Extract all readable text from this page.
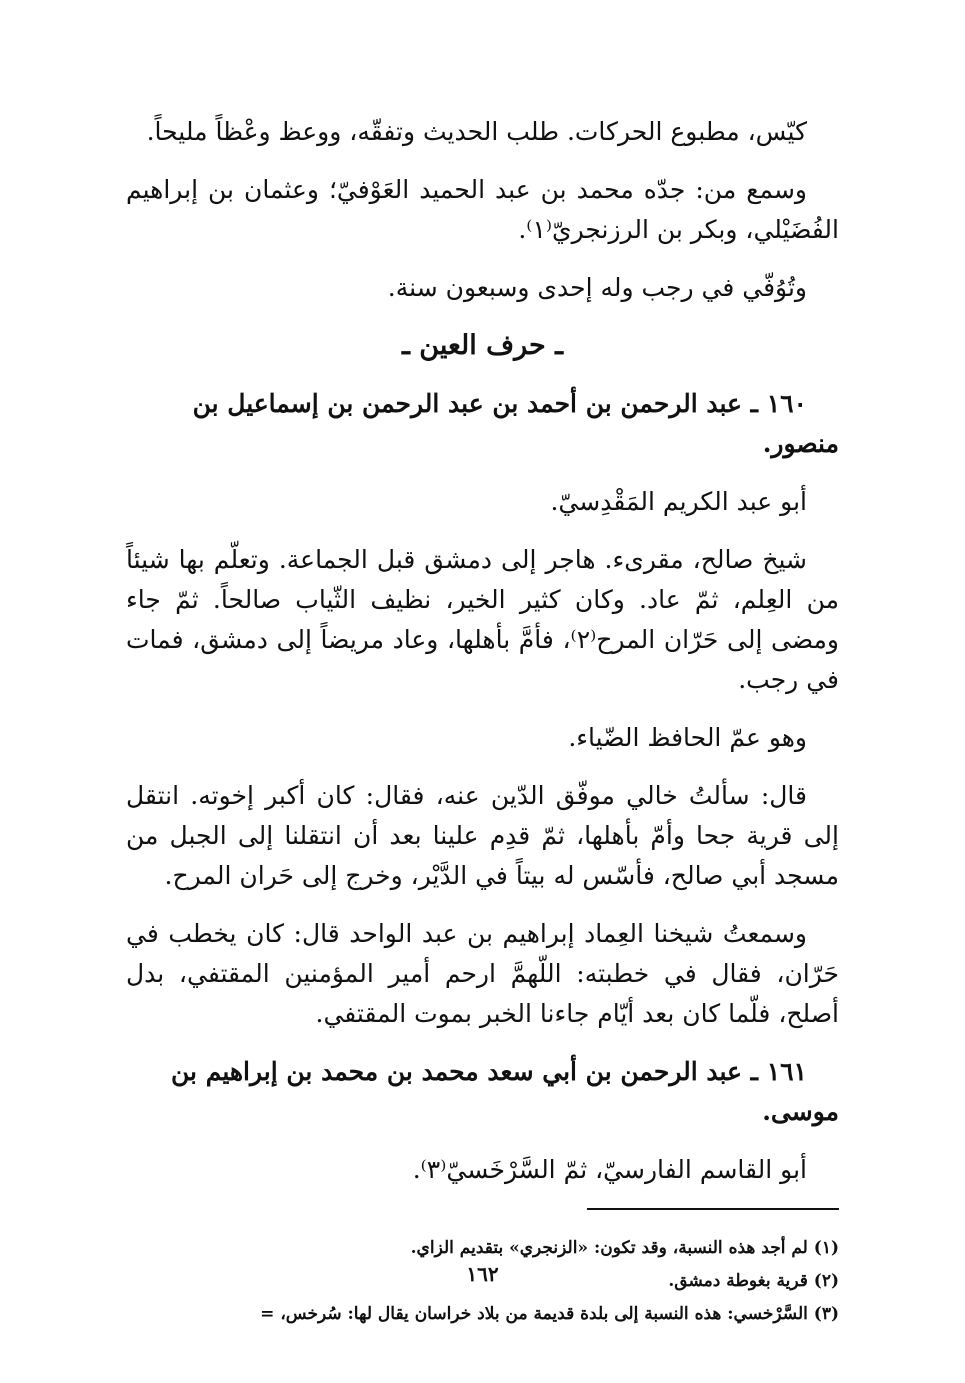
كيّس، مطبوع الحركات. طلب الحديث وتفقّه، ووعظ وعْظاً مليحاً.

وسمع من: جدّه محمد بن عبد الحميد العَوْفيّ؛ وعثمان بن إبراهيم الفُضَيْلي، وبكر بن الرزنجريّ⁽١⁾.

وتُوُفّي في رجب وله إحدى وسبعون سنة.

ـ حرف العين ـ

١٦٠ ـ عبد الرحمن بن أحمد بن عبد الرحمن بن إسماعيل بن منصور.

أبو عبد الكريم المَقْدِسيّ.

شيخ صالح، مقرىء. هاجر إلى دمشق قبل الجماعة. وتعلّم بها شيئاً من العِلم، ثمّ عاد. وكان كثير الخير، نظيف الثّياب صالحاً. ثمّ جاء ومضى إلى حَرّان المرح⁽٢⁾، فأمَّ بأهلها، وعاد مريضاً إلى دمشق، فمات في رجب.

وهو عمّ الحافظ الضّياء.

قال: سألتُ خالي موفّق الدّين عنه، فقال: كان أكبر إخوته. انتقل إلى قرية جحا وأمّ بأهلها، ثمّ قدِم علينا بعد أن انتقلنا إلى الجبل من مسجد أبي صالح، فأسّس له بيتاً في الدَّيْر، وخرج إلى حَران المرح.

وسمعتُ شيخنا العِماد إبراهيم بن عبد الواحد قال: كان يخطب في حَرّان، فقال في خطبته: اللّهمَّ ارحم أمير المؤمنين المقتفي، بدل أصلح، فلّما كان بعد أيّام جاءنا الخبر بموت المقتفي.

١٦١ ـ عبد الرحمن بن أبي سعد محمد بن محمد بن إبراهيم بن موسى.

أبو القاسم الفارسيّ، ثمّ السَّرْخَسيّ⁽٣⁾.

(١) لم أجد هذه النسبة، وقد تكون: «الزنجري» بتقديم الزاي.

(٢) قرية بغوطة دمشق.

(٣) السَّرْخسي: هذه النسبة إلى بلدة قديمة من بلاد خراسان يقال لها: سُرخس، =

١٦٢
